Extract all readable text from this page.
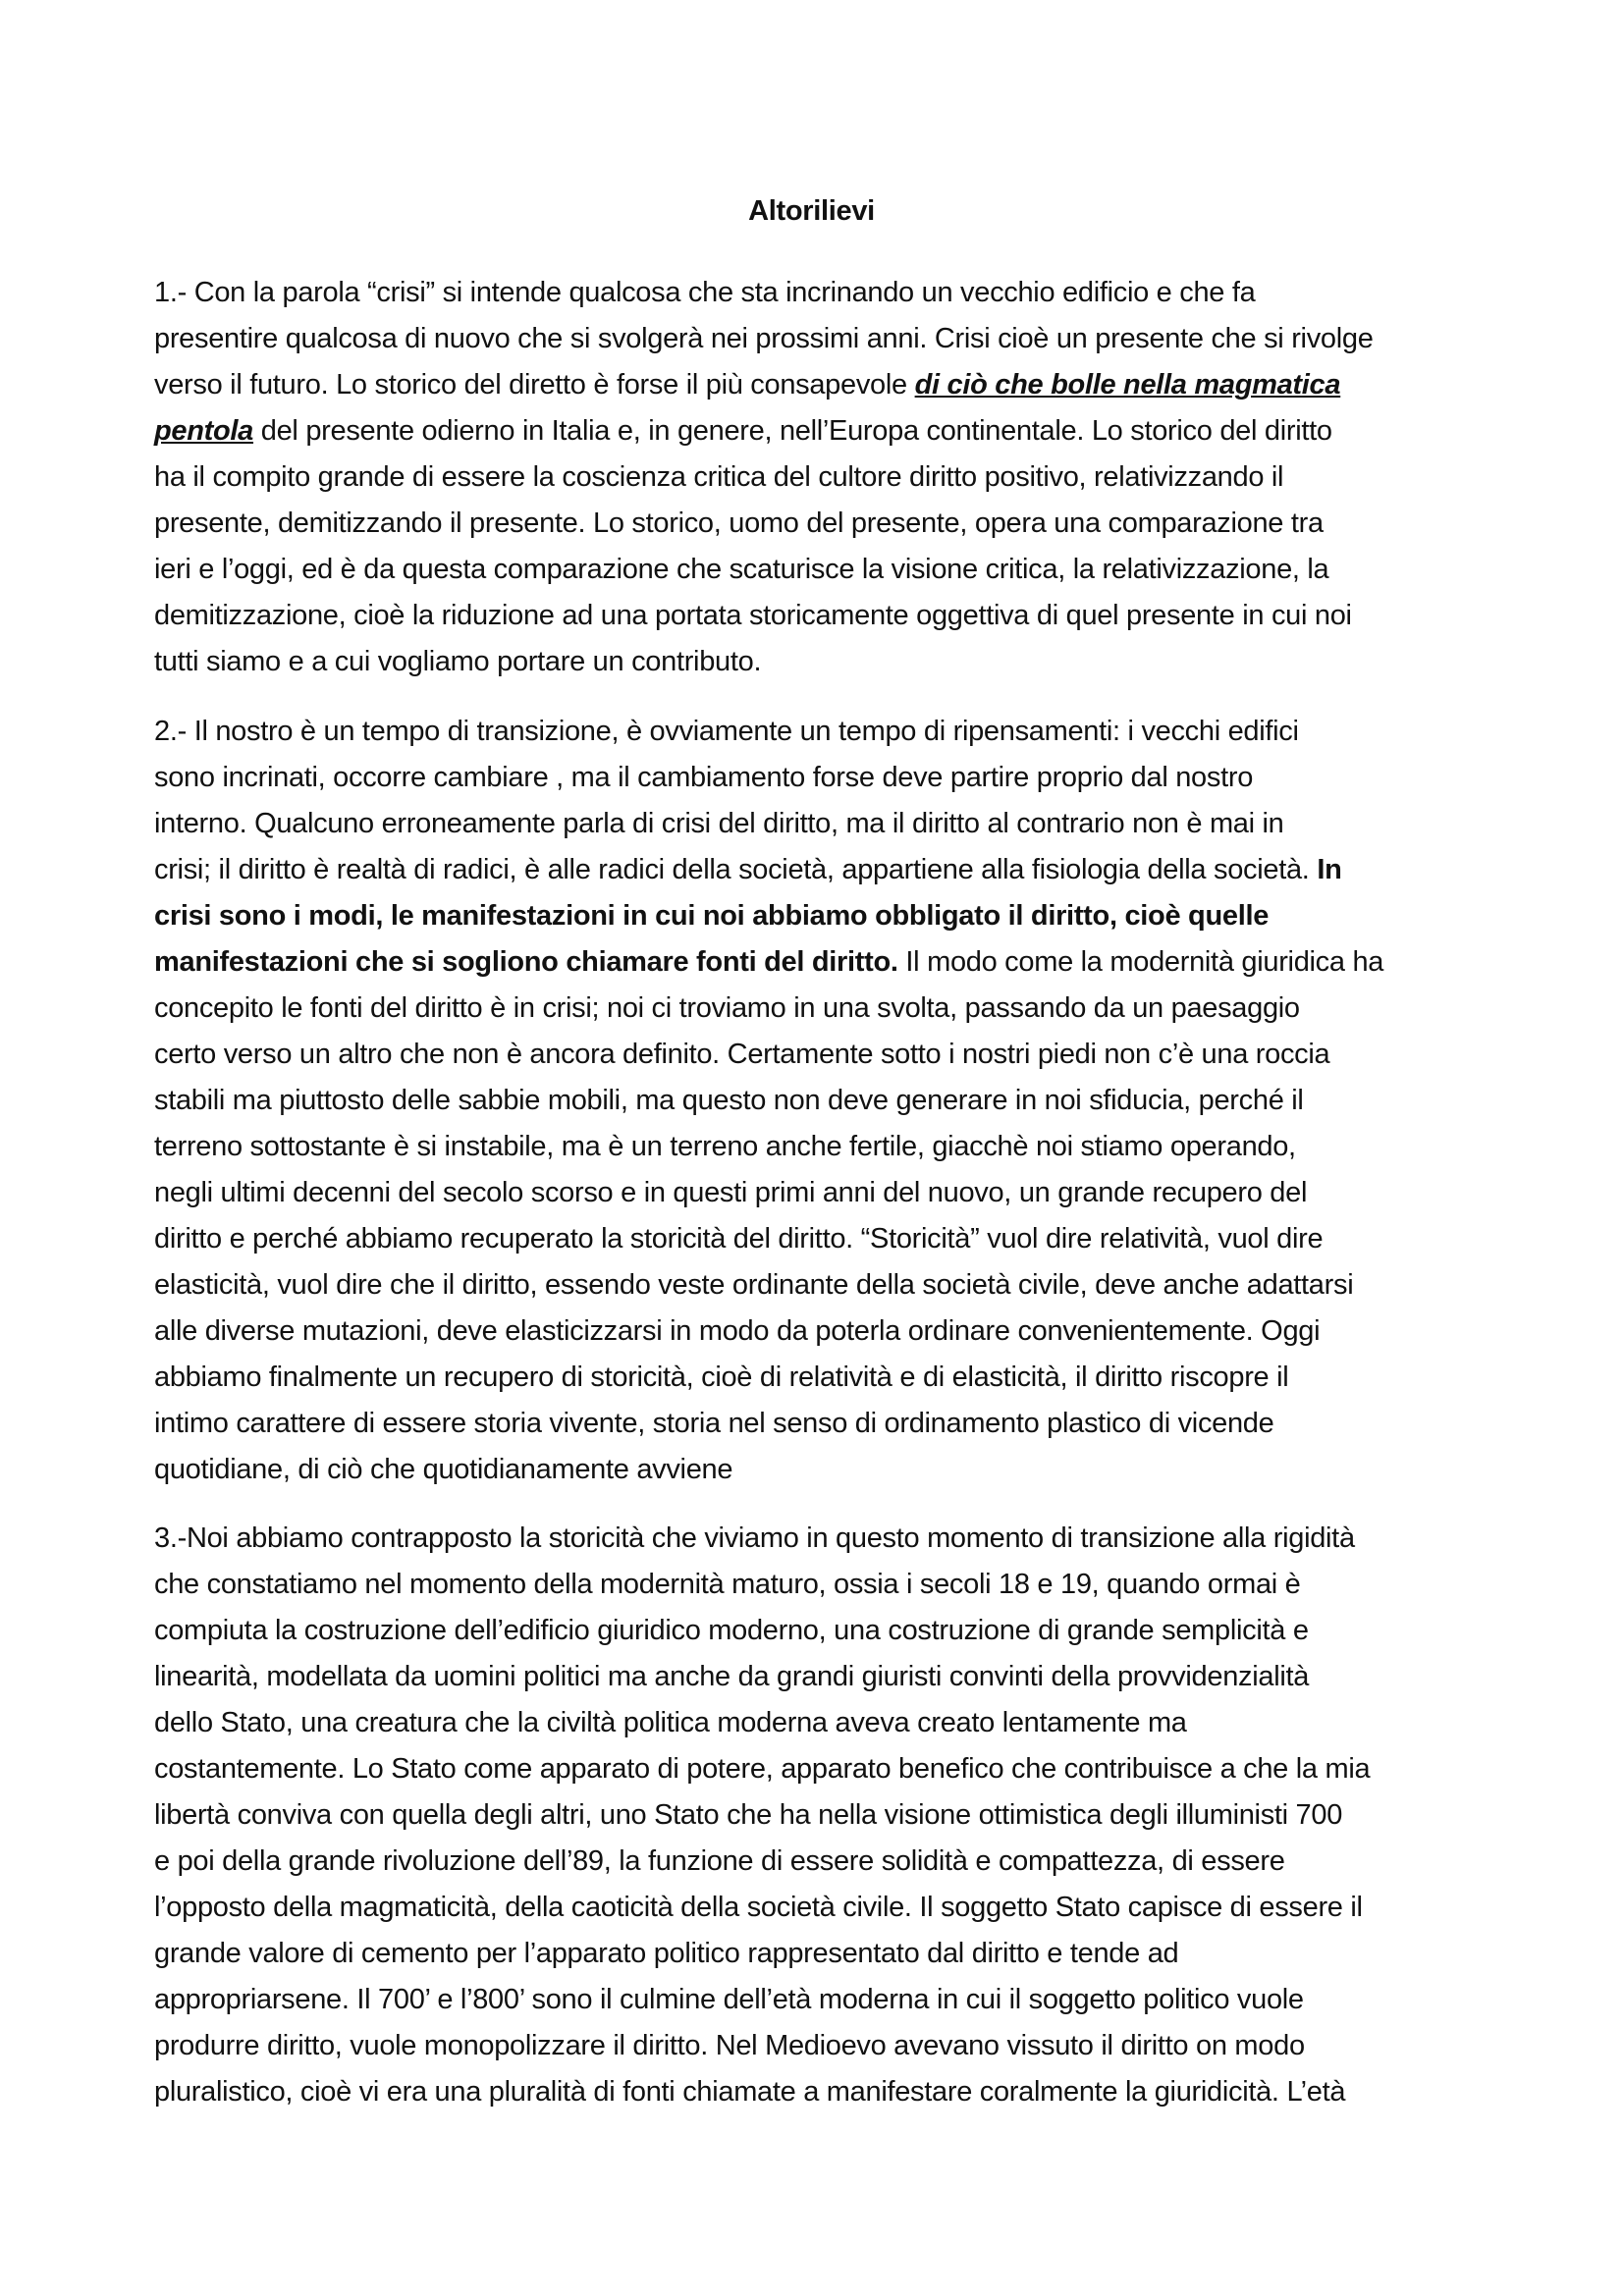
Altorilievi
1.- Con la parola “crisi” si intende qualcosa che sta incrinando un vecchio edificio e che fa
presentire qualcosa di nuovo che si svolgerà nei prossimi anni. Crisi cioè un presente che si rivolge
verso il futuro. Lo storico del diretto è forse il più consapevole di ciò che bolle nella magmatica
pentola del presente odierno in Italia e, in genere, nell’Europa continentale. Lo storico del diritto
ha il compito grande di essere la coscienza critica del cultore diritto positivo, relativizzando il
presente, demitizzando il presente. Lo storico, uomo del presente, opera una comparazione tra
ieri e l’oggi, ed è da questa comparazione che scaturisce la visione critica, la relativizzazione, la
demitizzazione, cioè la riduzione ad una portata storicamente oggettiva di quel presente in cui noi
tutti siamo e a cui vogliamo portare un contributo.
2.- Il nostro è un tempo di transizione, è ovviamente un tempo di ripensamenti: i vecchi edifici
sono incrinati, occorre cambiare , ma il cambiamento forse deve partire proprio dal nostro
interno. Qualcuno erroneamente parla di crisi del diritto, ma il diritto al contrario non è mai in
crisi; il diritto è realtà di radici, è alle radici della società, appartiene alla fisiologia della società. In
crisi sono i modi, le manifestazioni in cui noi abbiamo obbligato il diritto, cioè quelle
manifestazioni che si sogliono chiamare fonti del diritto. Il modo come la modernità giuridica ha
concepito le fonti del diritto è in crisi; noi ci troviamo in una svolta, passando da un paesaggio
certo verso un altro che non è ancora definito. Certamente sotto i nostri piedi non c’è una roccia
stabili ma piuttosto delle sabbie mobili, ma questo non deve generare in noi sfiducia, perché il
terreno sottostante è si instabile, ma è un terreno anche fertile, giacchè noi stiamo operando,
negli ultimi decenni del secolo scorso e in questi primi anni del nuovo, un grande recupero del
diritto e perché abbiamo recuperato la storicità del diritto. “Storicità” vuol dire relatività, vuol dire
elasticità, vuol dire che il diritto, essendo veste ordinante della società civile, deve anche adattarsi
alle diverse mutazioni, deve elasticizzarsi in modo da poterla ordinare convenientemente. Oggi
abbiamo finalmente un recupero di storicità, cioè di relatività e di elasticità, il diritto riscopre il
intimo carattere di essere storia vivente, storia nel senso di ordinamento plastico di vicende
quotidiane, di ciò che quotidianamente avviene
3.-Noi abbiamo contrapposto la storicità che viviamo in questo momento di transizione alla rigidità
che constatiamo nel momento della modernità maturo, ossia i secoli 18 e 19, quando ormai è
compiuta la costruzione dell’edificio giuridico moderno, una costruzione di grande semplicità e
linearità, modellata da uomini politici ma anche da grandi giuristi convinti della provvidenzialità
dello Stato, una creatura che la civiltà politica moderna aveva creato lentamente ma
costantemente. Lo Stato come apparato di potere, apparato benefico che contribuisce a che la mia
libertà conviva con quella degli altri, uno Stato che ha nella visione ottimistica degli illuministi 700
e poi della grande rivoluzione dell’89, la funzione di essere solidità e compattezza, di essere
l’opposto della magmaticità, della caoticità della società civile. Il soggetto Stato capisce di essere il
grande valore di cemento per l’apparato politico rappresentato dal diritto e tende ad
appropriarsene. Il 700’ e l’800’ sono il culmine dell’età moderna in cui il soggetto politico vuole
produrre diritto, vuole monopolizzare il diritto. Nel Medioevo avevano vissuto il diritto on modo
pluralistico, cioè vi era una pluralità di fonti chiamate a manifestare coralmente la giuridicità. L’età
